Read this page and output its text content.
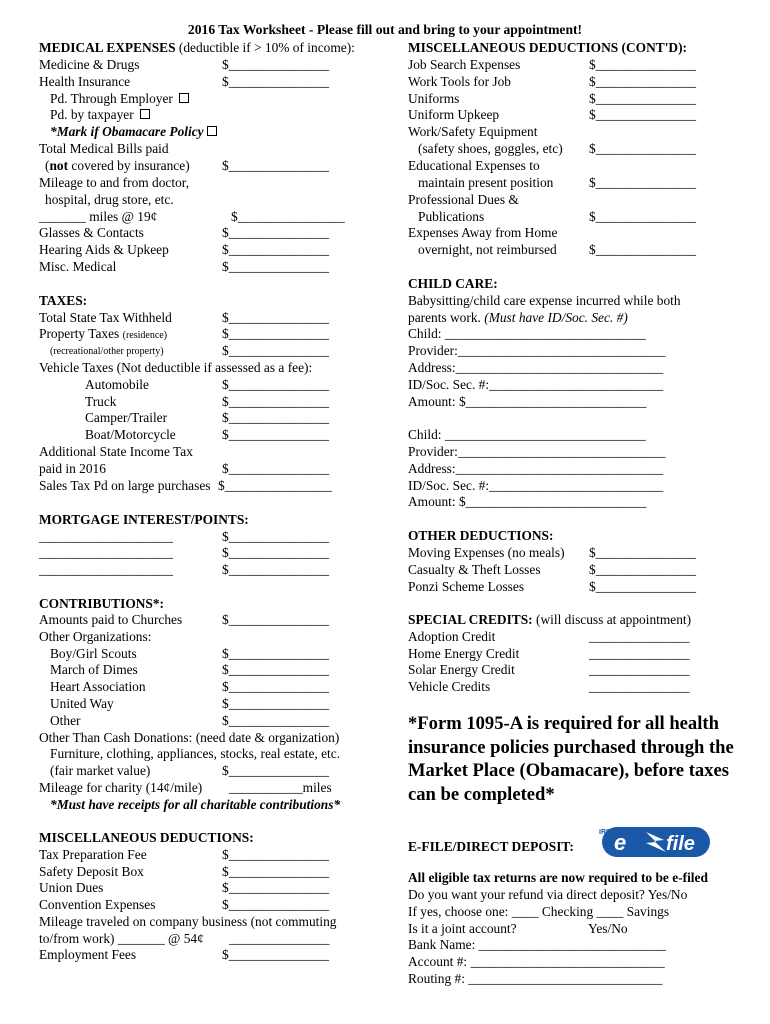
2016 Tax Worksheet - Please fill out and bring to your appointment!
MEDICAL EXPENSES (deductible if > 10% of income):
Medicine & Drugs	$_______________
Health Insurance	$_______________
Pd. Through Employer
Pd. by taxpayer
*Mark if Obamacare Policy
Total Medical Bills paid
(not covered by insurance) $_______________
Mileage to and from doctor,
hospital, drug store, etc.
_______ miles @ 19¢	$________________
Glasses & Contacts	$_______________
Hearing Aids & Upkeep	$_______________
Misc. Medical	$_______________
TAXES:
Total State Tax Withheld	$_______________
Property Taxes (residence)	$_______________
(recreational/other property)	$_______________
Vehicle Taxes (Not deductible if assessed as a fee):
Automobile	$_______________
Truck	$_______________
Camper/Trailer	$_______________
Boat/Motorcycle	$_______________
Additional State Income Tax
paid in 2016	$_______________
Sales Tax Pd on large purchases $________________
MORTGAGE INTEREST/POINTS:
____________________	$_______________
____________________	$_______________
____________________	$_______________
CONTRIBUTIONS*:
Amounts paid to Churches	$_______________
Other Organizations:
Boy/Girl Scouts	$_______________
March of Dimes	$_______________
Heart Association	$_______________
United Way	$_______________
Other	$_______________
Other Than Cash Donations: (need date & organization)
Furniture, clothing, appliances, stocks, real estate, etc.
(fair market value)	$_______________
Mileage for charity (14¢/mile) ___________miles
*Must have receipts for all charitable contributions*
MISCELLANEOUS DEDUCTIONS:
Tax Preparation Fee	$_______________
Safety Deposit Box	$_______________
Union Dues	$_______________
Convention Expenses	$_______________
Mileage traveled on company business (not commuting
to/from work) _______ @ 54¢ _______________
Employment Fees	$_______________
MISCELLANEOUS DEDUCTIONS (CONT'D):
Job Search Expenses	$_______________
Work Tools for Job	$_______________
Uniforms	$_______________
Uniform Upkeep	$_______________
Work/Safety Equipment
(safety shoes, goggles, etc) $_______________
Educational Expenses to
maintain present position	$_______________
Professional Dues &
Publications	$_______________
Expenses Away from Home
overnight, not reimbursed $_______________
CHILD CARE:
Babysitting/child care expense incurred while both
parents work. (Must have ID/Soc. Sec. #)
Child: ______________________________
Provider:_______________________________
Address:_______________________________
ID/Soc. Sec. #:__________________________
Amount: $___________________________
Child: ______________________________
Provider:_______________________________
Address:_______________________________
ID/Soc. Sec. #:__________________________
Amount: $___________________________
OTHER DEDUCTIONS:
Moving Expenses (no meals) $_______________
Casualty & Theft Losses	$_______________
Ponzi Scheme Losses	$_______________
SPECIAL CREDITS: (will discuss at appointment)
Adoption Credit	_______________
Home Energy Credit	_______________
Solar Energy Credit	_______________
Vehicle Credits	_______________
*Form 1095-A is required for all health insurance policies purchased through the Market Place (Obamacare), before taxes can be completed*
E-FILE/DIRECT DEPOSIT: e file
IRS
All eligible tax returns are now required to be e-filed
Do you want your refund via direct deposit? Yes/No
If yes, choose one: ____ Checking ____ Savings
Is it a joint account?	Yes/No
Bank Name: ____________________________
Account #: _____________________________
Routing #: _____________________________
